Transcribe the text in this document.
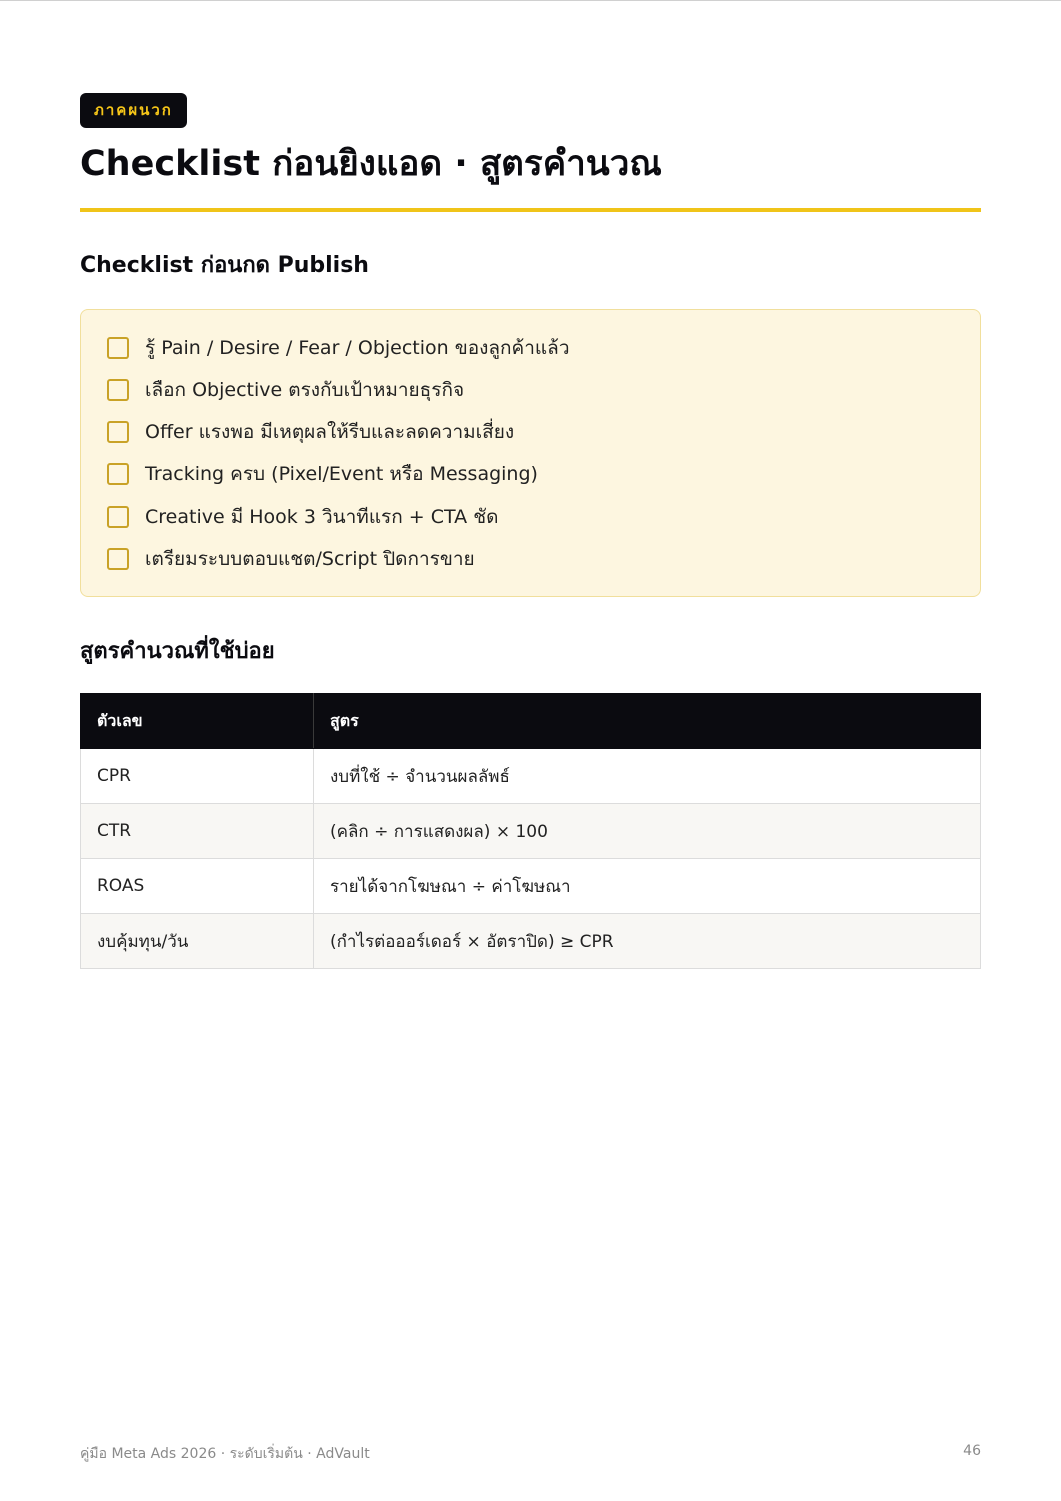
ภาคผนวก
Checklist ก่อนยิงแอด · สูตรคำนวณ
Checklist ก่อนกด Publish
รู้ Pain / Desire / Fear / Objection ของลูกค้าแล้ว
เลือก Objective ตรงกับเป้าหมายธุรกิจ
Offer แรงพอ มีเหตุผลให้รีบและลดความเสี่ยง
Tracking ครบ (Pixel/Event หรือ Messaging)
Creative มี Hook 3 วินาทีแรก + CTA ชัด
เตรียมระบบตอบแชต/Script ปิดการขาย
สูตรคำนวณที่ใช้บ่อย
ตัวเลข	สูตร
CPR	งบที่ใช้ ÷ จำนวนผลลัพธ์
CTR	(คลิก ÷ การแสดงผล) × 100
ROAS	รายได้จากโฆษณา ÷ ค่าโฆษณา
งบคุ้มทุน/วัน	(กำไรต่อออร์เดอร์ × อัตราปิด) ≥ CPR
คู่มือ Meta Ads 2026 · ระดับเริ่มต้น · AdVault	46
